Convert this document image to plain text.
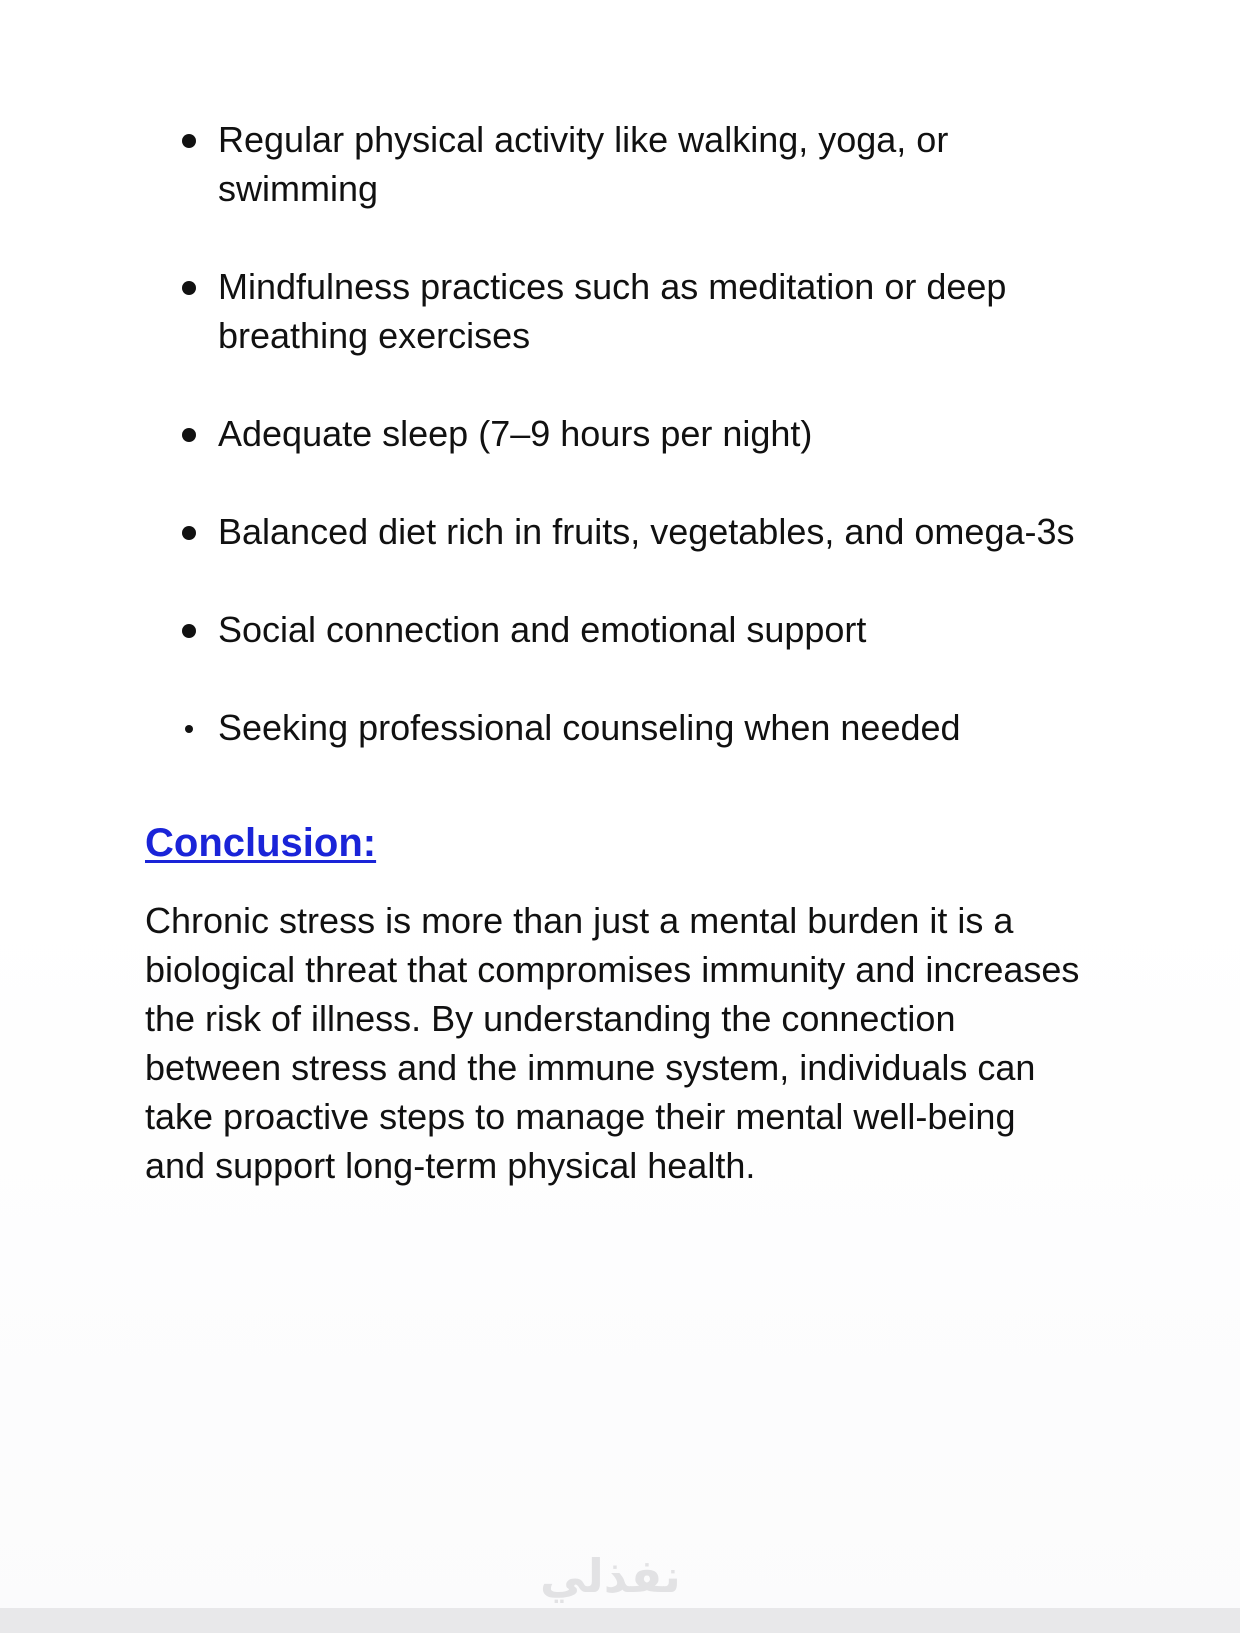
Regular physical activity like walking, yoga, or
swimming
Mindfulness practices such as meditation or deep
breathing exercises
Adequate sleep (7–9 hours per night)
Balanced diet rich in fruits, vegetables, and omega-3s
Social connection and emotional support
Seeking professional counseling when needed
Conclusion:

Chronic stress is more than just a mental burden it is a
biological threat that compromises immunity and increases
the risk of illness. By understanding the connection
between stress and the immune system, individuals can
take proactive steps to manage their mental well-being
and support long-term physical health.

نفذلي
